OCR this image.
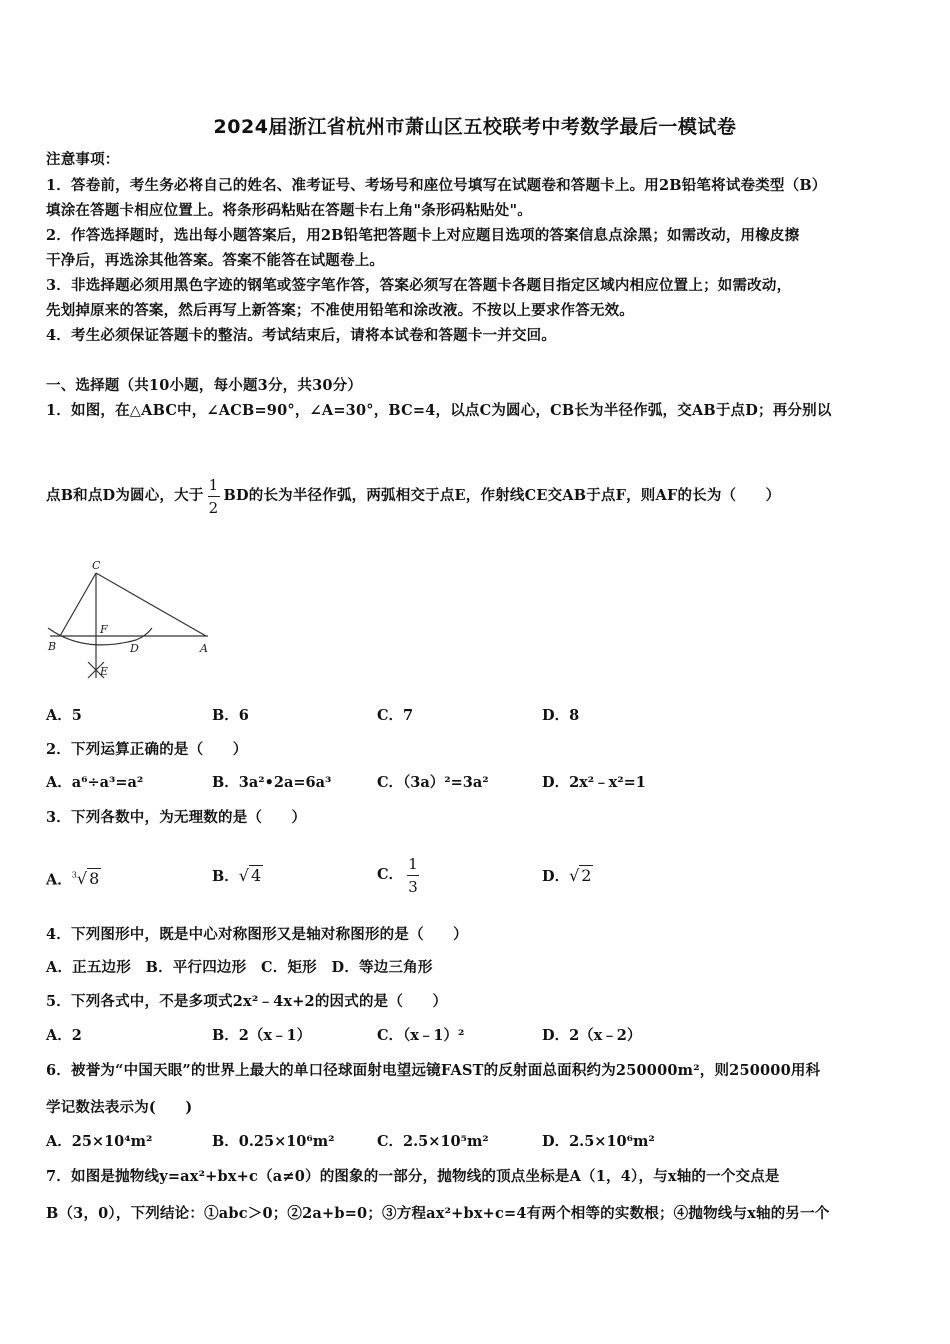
2024届浙江省杭州市萧山区五校联考中考数学最后一模试卷
注意事项：
1．答卷前，考生务必将自己的姓名、准考证号、考场号和座位号填写在试题卷和答题卡上。用2B铅笔将试卷类型（B）
填涂在答题卡相应位置上。将条形码粘贴在答题卡右上角"条形码粘贴处"。
2．作答选择题时，选出每小题答案后，用2B铅笔把答题卡上对应题目选项的答案信息点涂黑；如需改动，用橡皮擦
干净后，再选涂其他答案。答案不能答在试题卷上。
3．非选择题必须用黑色字迹的钢笔或签字笔作答，答案必须写在答题卡各题目指定区域内相应位置上；如需改动，
先划掉原来的答案，然后再写上新答案；不准使用铅笔和涂改液。不按以上要求作答无效。
4．考生必须保证答题卡的整洁。考试结束后，请将本试卷和答题卡一并交回。
一、选择题（共10小题，每小题3分，共30分）
1．如图，在△ABC中，∠ACB=90°，∠A=30°，BC=4，以点C为圆心，CB长为半径作弧，交AB于点D；再分别以
点B和点D为圆心，大于 $\frac{1}{2}$ BD的长为半径作弧，两弧相交于点E，作射线CE交AB于点F，则AF的长为（　　）
C
B	D	A
F
E
A．5	B．6	C．7	D．8
2．下列运算正确的是（　　）
A．a⁶÷a³=a²	B．3a²•2a=6a³	C．（3a）²=3a²	D．2x²﹣x²=1
3．下列各数中，为无理数的是（　　）
A．$^3$√ 8	B．√ 4	C． $\frac{1}{3}$	D．√ 2
4．下列图形中，既是中心对称图形又是轴对称图形的是（　　）
A．正五边形　B．平行四边形　C．矩形　D．等边三角形
5．下列各式中，不是多项式2x²﹣4x+2的因式的是（　　）
A．2	B．2（x﹣1）	C．（x﹣1）²	D．2（x﹣2）
6．被誉为“中国天眼”的世界上最大的单口径球面射电望远镜FAST的反射面总面积约为250000m²，则250000用科
学记数法表示为(　　)
A．25×10⁴m²	B．0.25×10⁶m²	C．2.5×10⁵m²	D．2.5×10⁶m²
7．如图是抛物线y=ax²+bx+c（a≠0）的图象的一部分，抛物线的顶点坐标是A（1，4），与x轴的一个交点是
B（3，0），下列结论：①abc＞0；②2a+b=0；③方程ax²+bx+c=4有两个相等的实数根；④抛物线与x轴的另一个
